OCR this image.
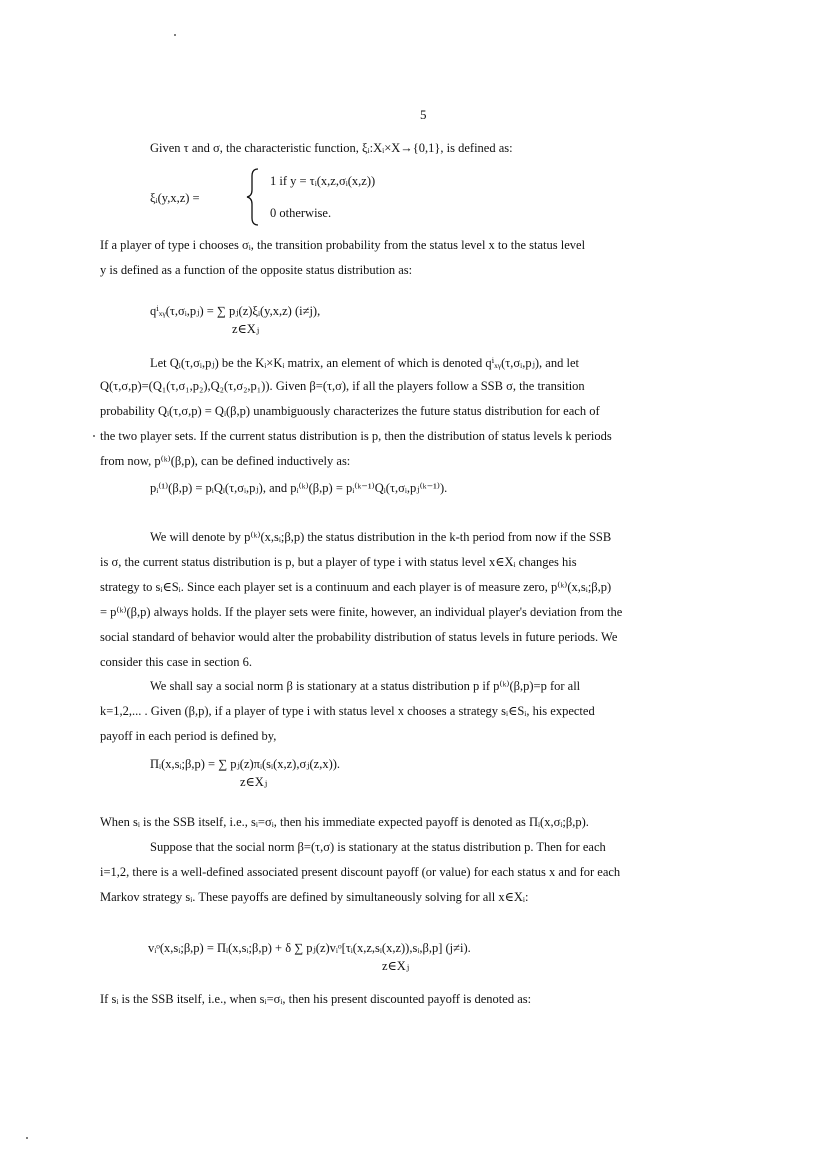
5
Given τ and σ, the characteristic function, ξᵢ:Xᵢ×X→{0,1}, is defined as:
ξᵢ(y,x,z) =
1 if y = τᵢ(x,z,σᵢ(x,z))
0 otherwise.
If a player of type i chooses σᵢ, the transition probability from the status level x to the status level
y is defined as a function of the opposite status distribution as:
qⁱₓᵧ(τ,σᵢ,pⱼ) = ∑ pⱼ(z)ξᵢ(y,x,z) (i≠j),
z∈Xⱼ
Let Qᵢ(τ,σᵢ,pⱼ) be the Kᵢ×Kᵢ matrix, an element of which is denoted qⁱₓᵧ(τ,σᵢ,pⱼ), and let
Q(τ,σ,p)=(Q₁(τ,σ₁,p₂),Q₂(τ,σ₂,p₁)). Given β=(τ,σ), if all the players follow a SSB σ, the transition
probability Qᵢ(τ,σ,p) = Qᵢ(β,p) unambiguously characterizes the future status distribution for each of
the two player sets. If the current status distribution is p, then the distribution of status levels k periods
from now, p⁽ᵏ⁾(β,p), can be defined inductively as:
pᵢ⁽¹⁾(β,p) = pᵢQᵢ(τ,σᵢ,pⱼ), and pᵢ⁽ᵏ⁾(β,p) = pᵢ⁽ᵏ⁻¹⁾Qᵢ(τ,σᵢ,pⱼ⁽ᵏ⁻¹⁾).
We will denote by p⁽ᵏ⁾(x,sᵢ;β,p) the status distribution in the k-th period from now if the SSB
is σ, the current status distribution is p, but a player of type i with status level x∈Xᵢ changes his
strategy to sᵢ∈Sᵢ. Since each player set is a continuum and each player is of measure zero, p⁽ᵏ⁾(x,sᵢ;β,p)
= p⁽ᵏ⁾(β,p) always holds. If the player sets were finite, however, an individual player's deviation from the
social standard of behavior would alter the probability distribution of status levels in future periods. We
consider this case in section 6.
We shall say a social norm β is stationary at a status distribution p if p⁽ᵏ⁾(β,p)=p for all
k=1,2,... . Given (β,p), if a player of type i with status level x chooses a strategy sᵢ∈Sᵢ, his expected
payoff in each period is defined by,
Πᵢ(x,sᵢ;β,p) = ∑ pⱼ(z)πᵢ(sᵢ(x,z),σⱼ(z,x)).
z∈Xⱼ
When sᵢ is the SSB itself, i.e., sᵢ=σᵢ, then his immediate expected payoff is denoted as Πᵢ(x,σᵢ;β,p).
Suppose that the social norm β=(τ,σ) is stationary at the status distribution p. Then for each
i=1,2, there is a well-defined associated present discount payoff (or value) for each status x and for each
Markov strategy sᵢ. These payoffs are defined by simultaneously solving for all x∈Xᵢ:
vᵢᵒ(x,sᵢ;β,p) = Πᵢ(x,sᵢ;β,p) + δ ∑ pⱼ(z)vᵢᵒ[τᵢ(x,z,sᵢ(x,z)),sᵢ,β,p] (j≠i).
z∈Xⱼ
If sᵢ is the SSB itself, i.e., when sᵢ=σᵢ, then his present discounted payoff is denoted as:
